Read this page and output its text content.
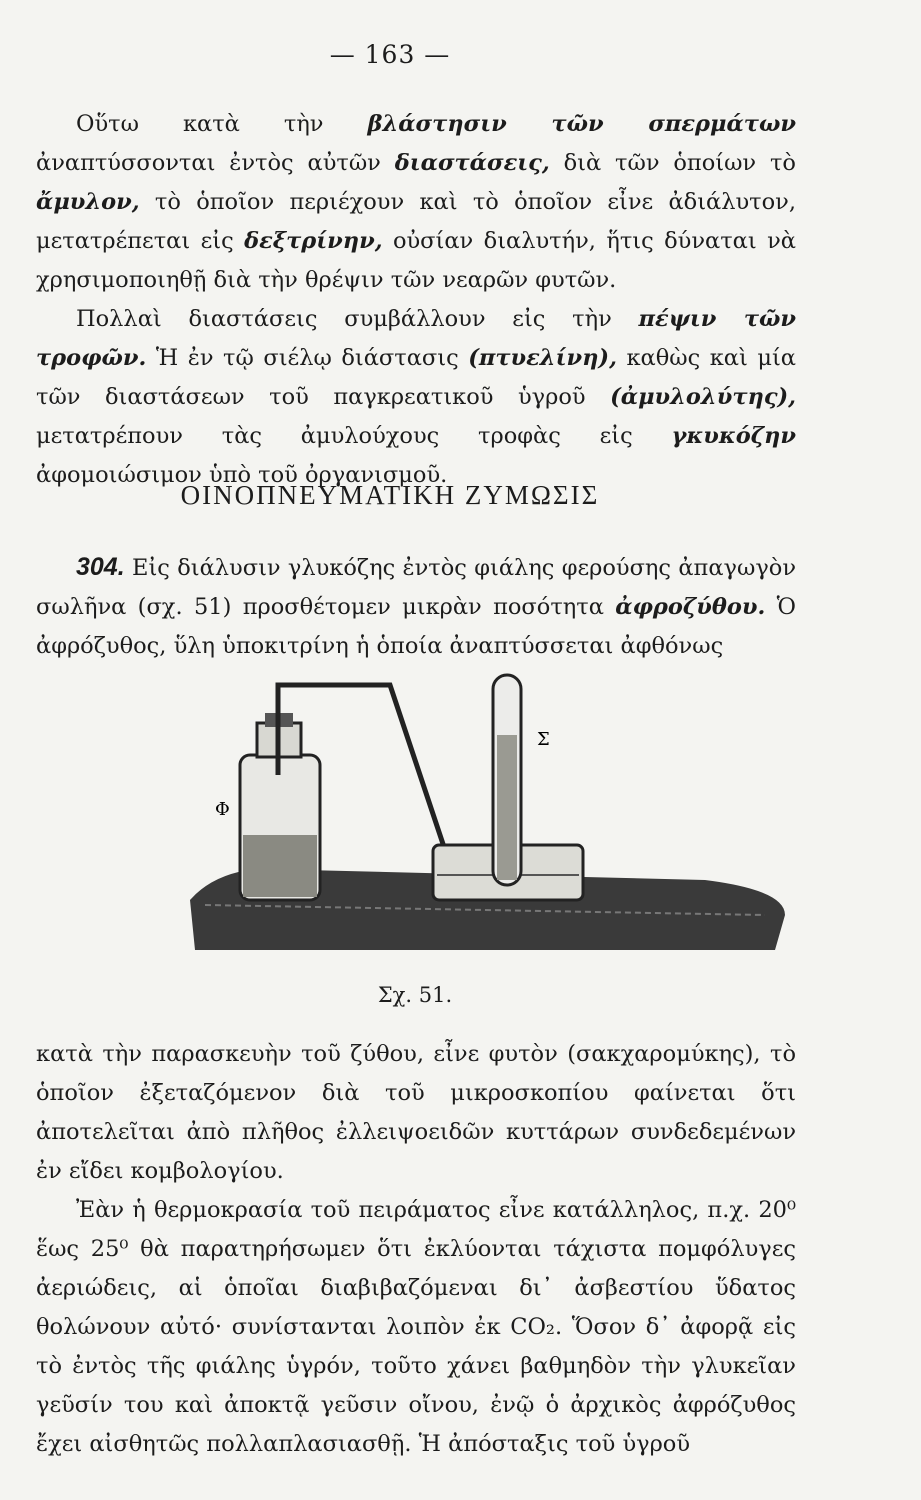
— 163 —

Οὕτω κατὰ τὴν βλάστησιν τῶν σπερμάτων ἀναπτύσσονται ἐντὸς αὐτῶν διαστάσεις, διὰ τῶν ὁποίων τὸ ἄμυλον, τὸ ὁποῖον περιέχουν καὶ τὸ ὁποῖον εἶνε ἀδιάλυτον, μετατρέπεται εἰς δεξτρίνην, οὐσίαν διαλυτήν, ἥτις δύναται νὰ χρησιμοποιηθῇ διὰ τὴν θρέψιν τῶν νεαρῶν φυτῶν.

Πολλαὶ διαστάσεις συμβάλλουν εἰς τὴν πέψιν τῶν τροφῶν. Ἡ ἐν τῷ σιέλῳ διάστασις (πτυελίνη), καθὼς καὶ μία τῶν διαστάσεων τοῦ παγκρεατικοῦ ὑγροῦ (ἀμυλολύτης), μετατρέπουν τὰς ἀμυλούχους τροφὰς εἰς γκυκόζην ἀφομοιώσιμον ὑπὸ τοῦ ὀργανισμοῦ.

ΟΙΝΟΠΝΕΥΜΑΤΙΚΗ ΖΥΜΩΣΙΣ

304. Εἰς διάλυσιν γλυκόζης ἐντὸς φιάλης φερούσης ἀπαγωγὸν σωλῆνα (σχ. 51) προσθέτομεν μικρὰν ποσότητα ἀφροζύθου. Ὁ ἀφρόζυθος, ὕλη ὑποκιτρίνη ἡ ὁποία ἀναπτύσσεται ἀφθόνως

Φ
Σ
Σχ. 51.

κατὰ τὴν παρασκευὴν τοῦ ζύθου, εἶνε φυτὸν (σακχαρομύκης), τὸ ὁποῖον ἐξεταζόμενον διὰ τοῦ μικροσκοπίου φαίνεται ὅτι ἀποτελεῖται ἀπὸ πλῆθος ἐλλειψοειδῶν κυττάρων συνδεδεμένων ἐν εἴδει κομβολογίου.

Ἐὰν ἡ θερμοκρασία τοῦ πειράματος εἶνε κατάλληλος, π.χ. 20⁰ ἕως 25⁰ θὰ παρατηρήσωμεν ὅτι ἐκλύονται τάχιστα πομφόλυγες ἀεριώδεις, αἱ ὁποῖαι διαβιβαζόμεναι δι᾿ ἀσβεστίου ὕδατος θολώνουν αὐτό· συνίστανται λοιπὸν ἐκ CO₂. Ὅσον δ᾿ ἀφορᾷ εἰς τὸ ἐντὸς τῆς φιάλης ὑγρόν, τοῦτο χάνει βαθμηδὸν τὴν γλυκεῖαν γεῦσίν του καὶ ἀποκτᾷ γεῦσιν οἴνου, ἐνῷ ὁ ἀρχικὸς ἀφρόζυθος ἔχει αἰσθητῶς πολλαπλασιασθῇ. Ἡ ἀπόσταξις τοῦ ὑγροῦ
